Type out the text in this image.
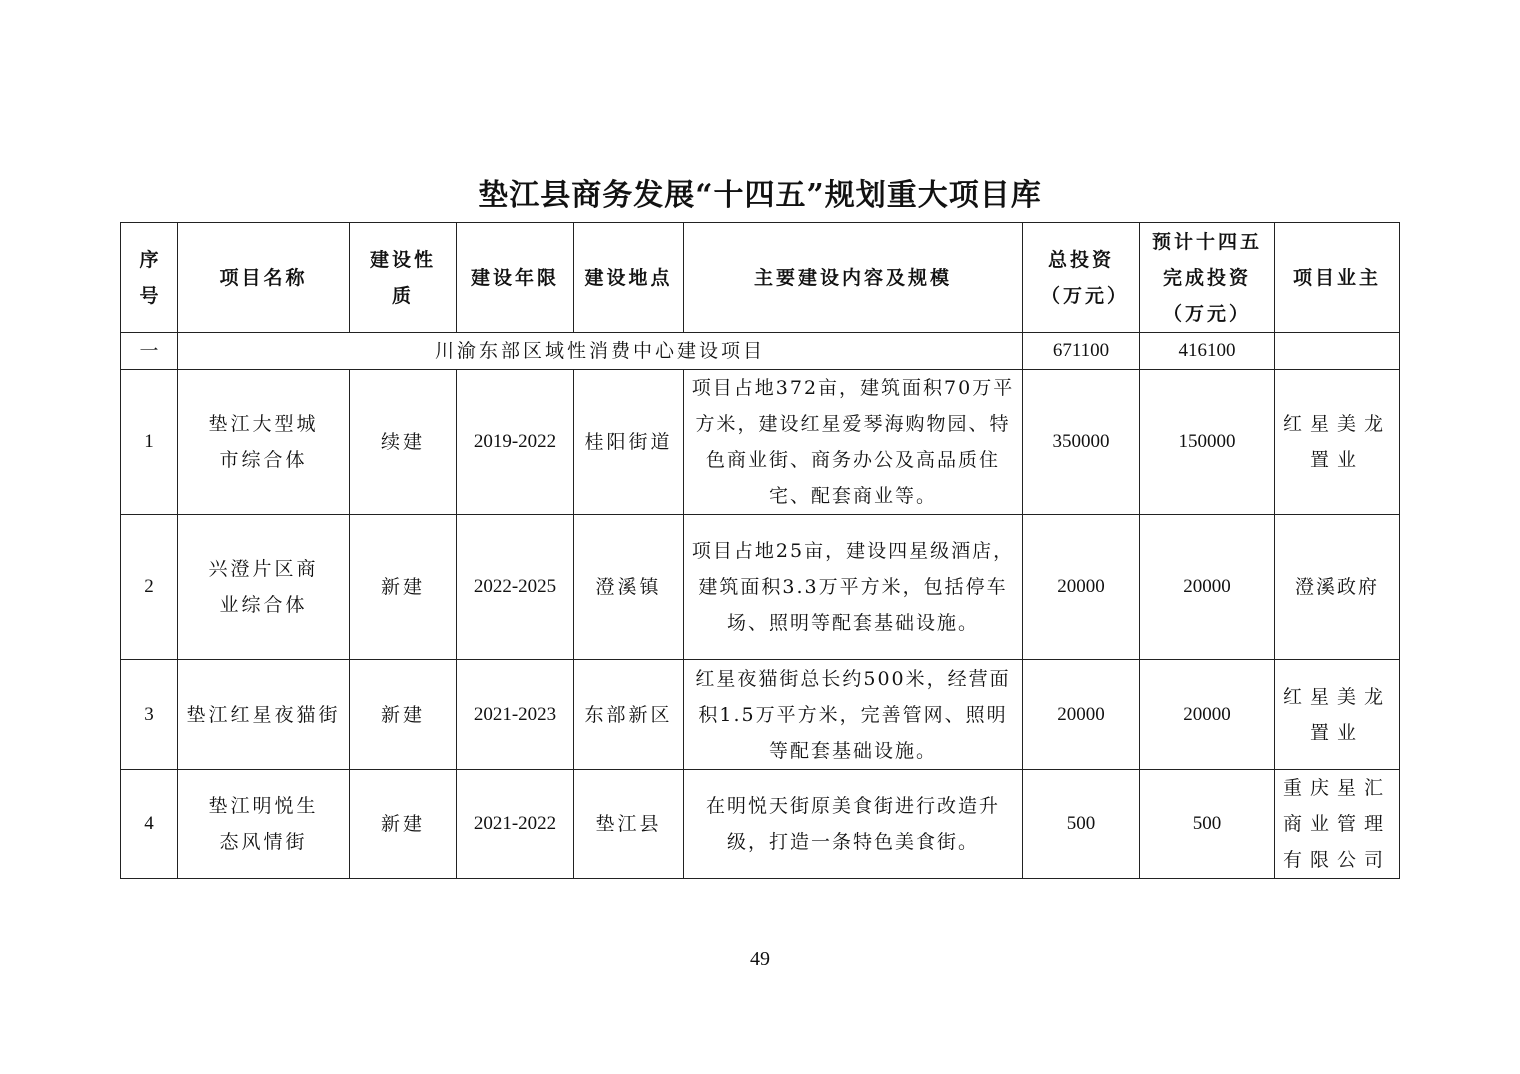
垫江县商务发展“十四五”规划重大项目库
序号	项目名称	建设性质	建设年限	建设地点	主要建设内容及规模	总投资（万元）	预计十四五完成投资（万元）	项目业主
一	川渝东部区域性消费中心建设项目					671100	416100	
1	垫江大型城市综合体	续建	2019-2022	桂阳街道	项目占地372亩，建筑面积70万平方米，建设红星爱琴海购物园、特色商业街、商务办公及高品质住宅、配套商业等。	350000	150000	红星美龙置业
2	兴澄片区商业综合体	新建	2022-2025	澄溪镇	项目占地25亩，建设四星级酒店，建筑面积3.3万平方米，包括停车场、照明等配套基础设施。	20000	20000	澄溪政府
3	垫江红星夜猫街	新建	2021-2023	东部新区	红星夜猫街总长约500米，经营面积1.5万平方米，完善管网、照明等配套基础设施。	20000	20000	红星美龙置业
4	垫江明悦生态风情街	新建	2021-2022	垫江县	在明悦天街原美食街进行改造升级，打造一条特色美食街。	500	500	重庆星汇商业管理有限公司
49
